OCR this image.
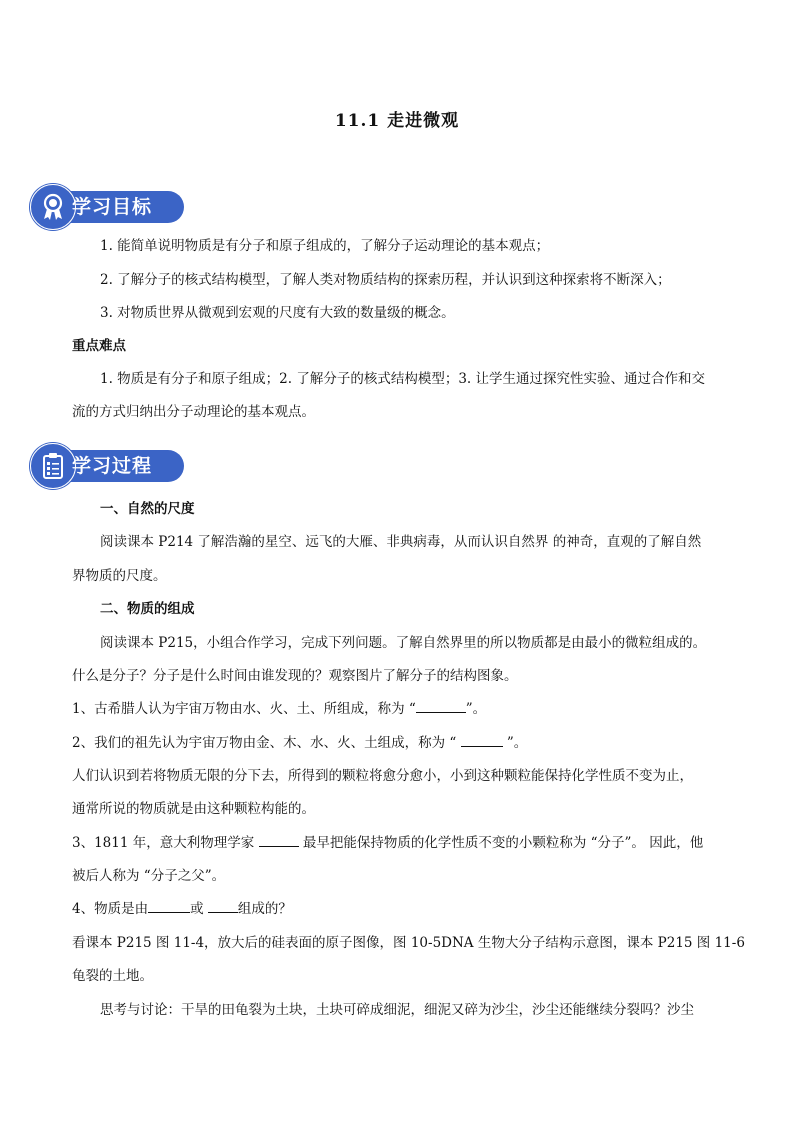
11.1 走进微观
学习目标
1. 能简单说明物质是有分子和原子组成的，了解分子运动理论的基本观点；
2. 了解分子的核式结构模型，了解人类对物质结构的探索历程，并认识到这种探索将不断深入；
3. 对物质世界从微观到宏观的尺度有大致的数量级的概念。
重点难点
1. 物质是有分子和原子组成；2. 了解分子的核式结构模型；3. 让学生通过探究性实验、通过合作和交
流的方式归纳出分子动理论的基本观点。
学习过程
一、自然的尺度
阅读课本 P214 了解浩瀚的星空、远飞的大雁、非典病毒，从而认识自然界 的神奇，直观的了解自然
界物质的尺度。
二、物质的组成
阅读课本 P215，小组合作学习，完成下列问题。了解自然界里的所以物质都是由最小的微粒组成的。
什么是分子？分子是什么时间由谁发现的？观察图片了解分子的结构图象。
1、古希腊人认为宇宙万物由水、火、土、所组成，称为 “	”。
2、我们的祖先认为宇宙万物由金、木、水、火、土组成，称为 “	”。
人们认识到若将物质无限的分下去，所得到的颗粒将愈分愈小，小到这种颗粒能保持化学性质不变为止，
通常所说的物质就是由这种颗粒构能的。
3、1811 年，意大利物理学家	最早把能保持物质的化学性质不变的小颗粒称为 “分子”。 因此，他
被后人称为 “分子之父”。
4、物质是由	或 组成的？
看课本 P215 图 11-4，放大后的硅表面的原子图像，图 10-5DNA 生物大分子结构示意图，课本 P215 图 11-6
龟裂的土地。
思考与讨论：干旱的田龟裂为土块，土块可碎成细泥，细泥又碎为沙尘，沙尘还能继续分裂吗？沙尘
